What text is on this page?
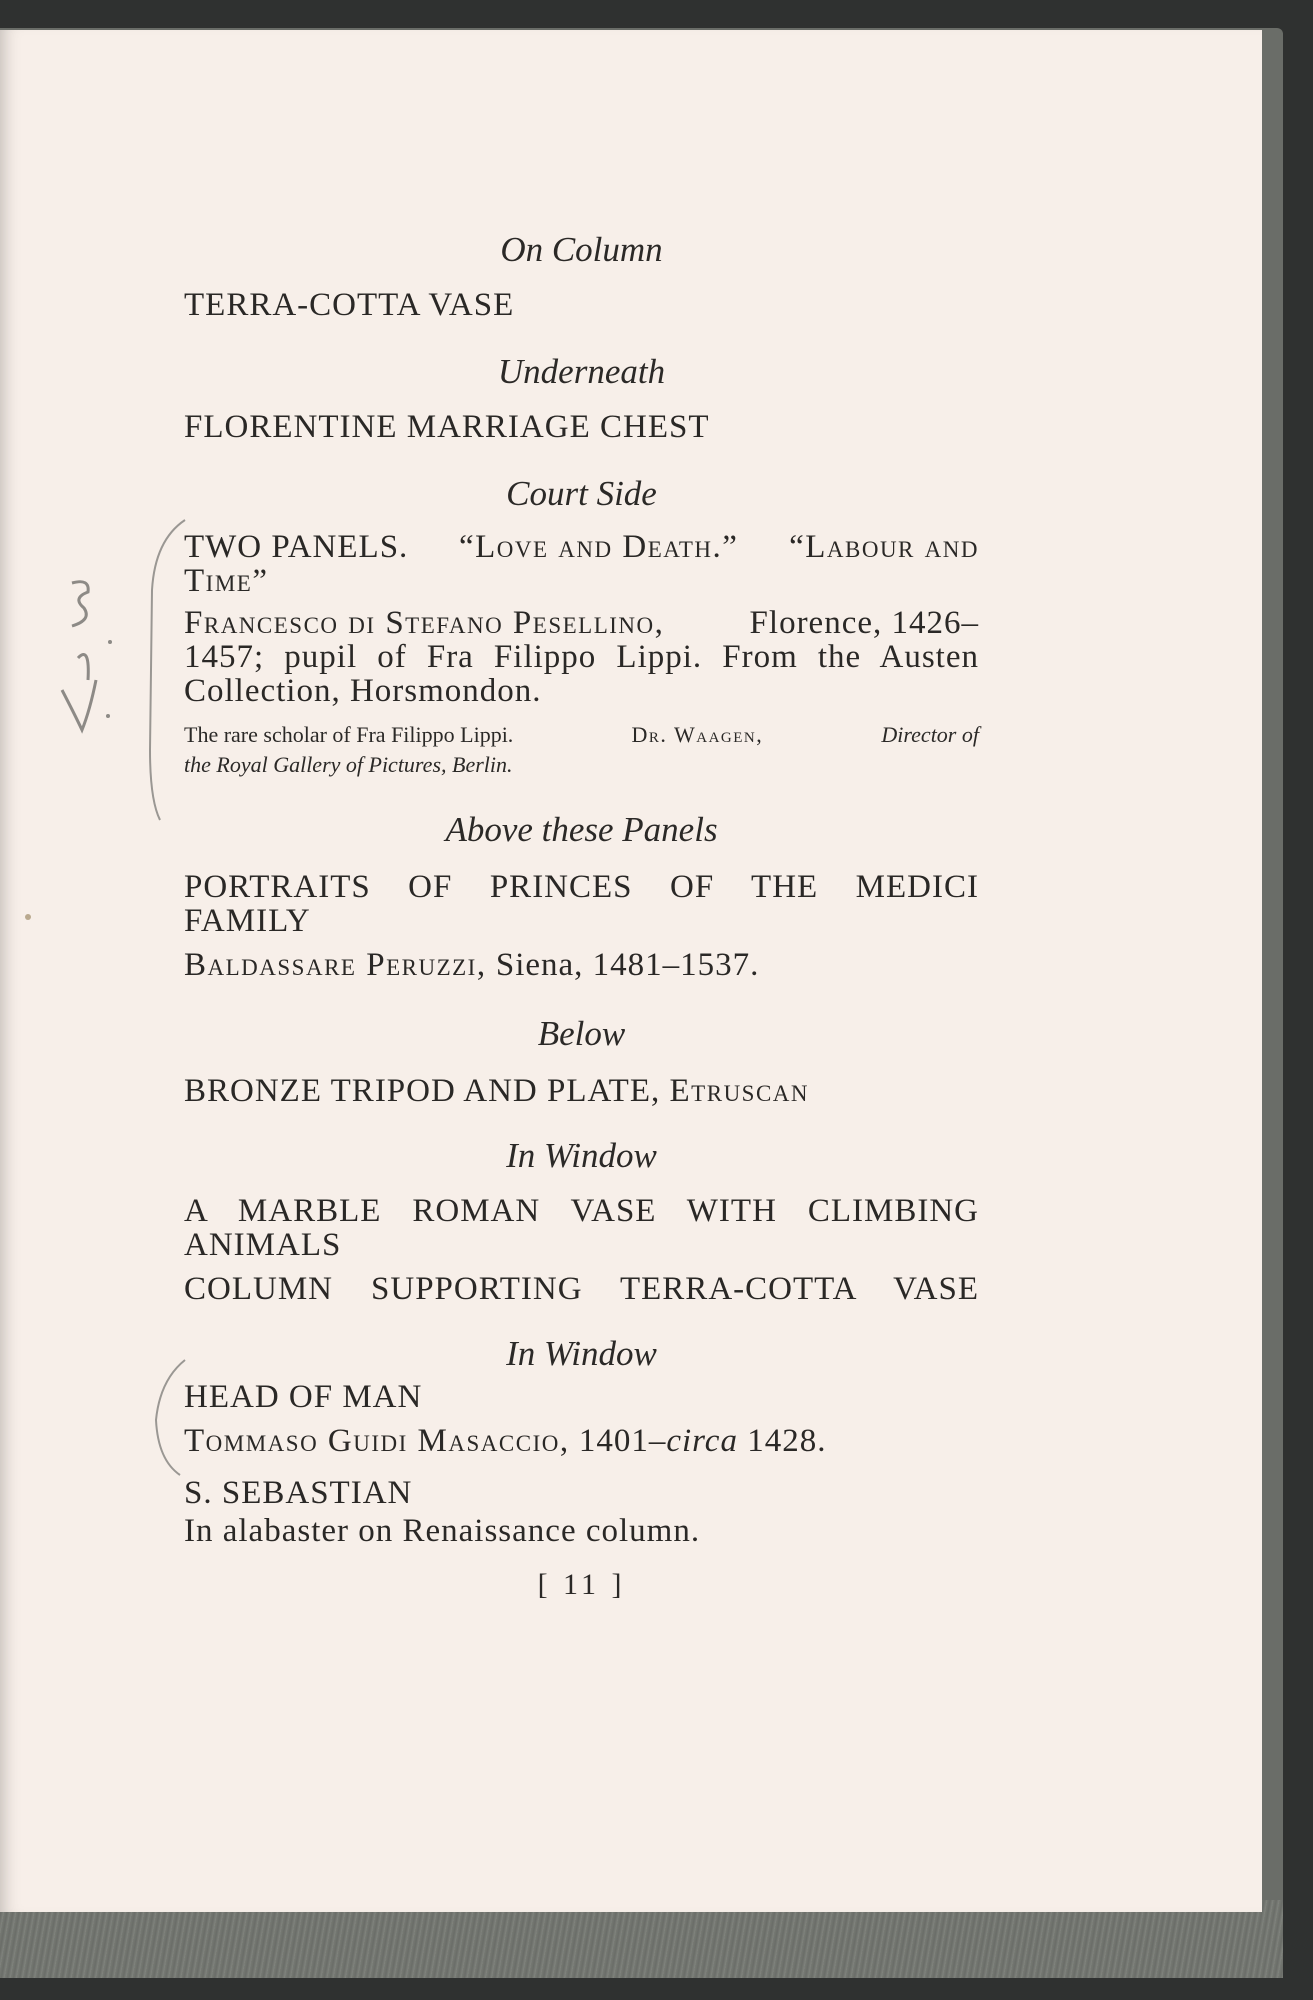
On Column
TERRA-COTTA VASE
Underneath
FLORENTINE MARRIAGE CHEST
Court Side
TWO PANELS. “Love and Death.” “Labour and
Time”
Francesco di Stefano Pesellino,	Florence, 1426–
1457; pupil of Fra Filippo Lippi. From the Austen
Collection, Horsmondon.
The rare scholar of Fra Filippo Lippi.	Dr. Waagen,	Director of
the Royal Gallery of Pictures, Berlin.
Above these Panels
PORTRAITS OF PRINCES OF THE MEDICI
FAMILY
Baldassare Peruzzi, Siena, 1481–1537.
Below
BRONZE TRIPOD AND PLATE, Etruscan
In Window
A MARBLE ROMAN VASE WITH CLIMBING
ANIMALS
COLUMN SUPPORTING TERRA-COTTA VASE
In Window
HEAD OF MAN
Tommaso Guidi Masaccio, 1401–circa 1428.
S. SEBASTIAN
In alabaster on Renaissance column.
[ 11 ]
